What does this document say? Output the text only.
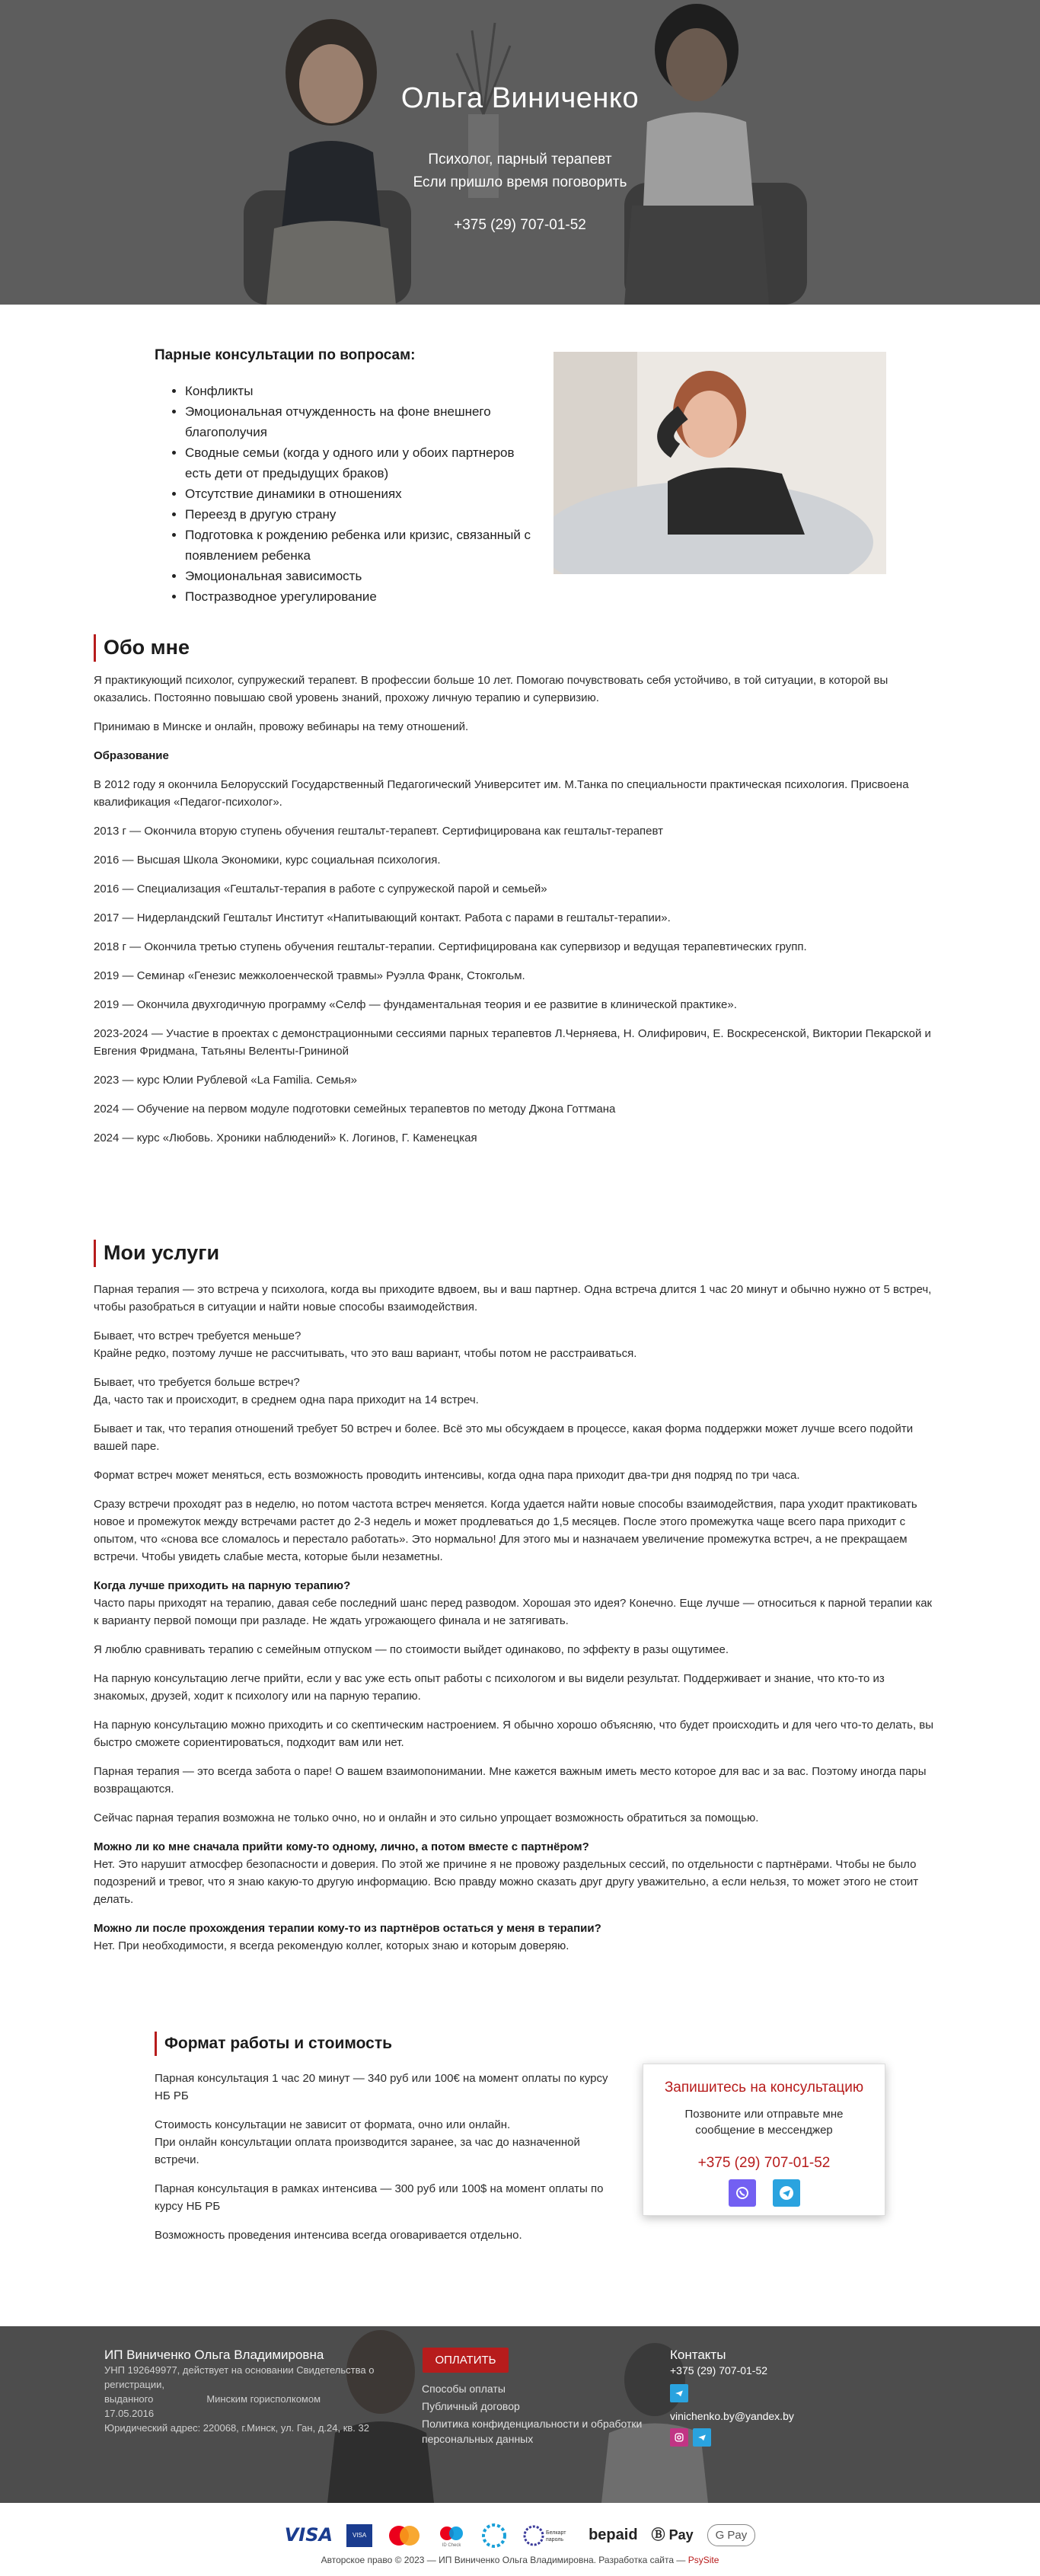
Ольга Виниченко
Психолог, парный терапевт
Если пришло время поговорить
+375 (29) 707-01-52
Парные консультации по вопросам:
• Конфликты
• Эмоциональная отчужденность на фоне внешнего благополучия
• Сводные семьи (когда у одного или у обоих партнеров есть дети от предыдущих браков)
• Отсутствие динамики в отношениях
• Переезд в другую страну
• Подготовка к рождению ребенка или кризис, связанный с появлением ребенка
• Эмоциональная зависимость
• Постразводное урегулирование
Обо мне

Я практикующий психолог, супружеский терапевт. В профессии больше 10 лет. Помогаю почувствовать себя устойчиво, в той ситуации, в которой вы оказались. Постоянно повышаю свой уровень знаний, прохожу личную терапию и супервизию.

Принимаю в Минске и онлайн, провожу вебинары на тему отношений.

Образование

В 2012 году я окончила Белорусский Государственный Педагогический Университет им. М.Танка по специальности практическая психология. Присвоена квалификация «Педагог-психолог».

2013 г — Окончила вторую ступень обучения гештальт-терапевт. Сертифицирована как гештальт-терапевт

2016 — Высшая Школа Экономики, курс социальная психология.

2016 — Специализация «Гештальт-терапия в работе с супружеской парой и семьей»

2017 — Нидерландский Гештальт Институт «Напитывающий контакт. Работа с парами в гештальт-терапии».

2018 г — Окончила третью ступень обучения гештальт-терапии. Сертифицирована как супервизор и ведущая терапевтических групп.

2019 — Семинар «Генезис межколоенческой травмы» Руэлла Франк, Стокгольм.

2019 — Окончила двухгодичную программу «Селф — фундаментальная теория и ее развитие в клинической практике».

2023-2024 — Участие в проектах с демонстрационными сессиями парных терапевтов Л.Черняева, Н. Олифирович, Е. Воскресенской, Виктории Пекарской и Евгения Фридмана, Татьяны Веленты-Грининой

2023 — курс Юлии Рублевой «La Familia. Семья»

2024 — Обучение на первом модуле подготовки семейных терапевтов по методу Джона Готтмана

2024 — курс «Любовь. Хроники наблюдений» К. Логинов, Г. Каменецкая

Мои услуги

Парная терапия — это встреча у психолога, когда вы приходите вдвоем, вы и ваш партнер. Одна встреча длится 1 час 20 минут и обычно нужно от 5 встреч, чтобы разобраться в ситуации и найти новые способы взаимодействия.

Бывает, что встреч требуется меньше?
Крайне редко, поэтому лучше не рассчитывать, что это ваш вариант, чтобы потом не расстраиваться.

Бывает, что требуется больше встреч?
Да, часто так и происходит, в среднем одна пара приходит на 14 встреч.

Бывает и так, что терапия отношений требует 50 встреч и более. Всё это мы обсуждаем в процессе, какая форма поддержки может лучше всего подойти вашей паре.

Формат встреч может меняться, есть возможность проводить интенсивы, когда одна пара приходит два-три дня подряд по три часа.

Сразу встречи проходят раз в неделю, но потом частота встреч меняется. Когда удается найти новые способы взаимодействия, пара уходит практиковать новое и промежуток между встречами растет до 2-3 недель и может продлеваться до 1,5 месяцев. После этого промежутка чаще всего пара приходит с опытом, что «снова все сломалось и перестало работать». Это нормально! Для этого мы и назначаем увеличение промежутка встреч, а не прекращаем встречи. Чтобы увидеть слабые места, которые были незаметны.

Когда лучше приходить на парную терапию?
Часто пары приходят на терапию, давая себе последний шанс перед разводом. Хорошая это идея? Конечно. Еще лучше — относиться к парной терапии как к варианту первой помощи при разладе. Не ждать угрожающего финала и не затягивать.

Я люблю сравнивать терапию с семейным отпуском — по стоимости выйдет одинаково, по эффекту в разы ощутимее.

На парную консультацию легче прийти, если у вас уже есть опыт работы с психологом и вы видели результат. Поддерживает и знание, что кто-то из знакомых, друзей, ходит к психологу или на парную терапию.

На парную консультацию можно приходить и со скептическим настроением. Я обычно хорошо объясняю, что будет происходить и для чего что-то делать, вы быстро сможете сориентироваться, подходит вам или нет.

Парная терапия — это всегда забота о паре! О вашем взаимопонимании. Мне кажется важным иметь место которое для вас и за вас. Поэтому иногда пары возвращаются.

Сейчас парная терапия возможна не только очно, но и онлайн и это сильно упрощает возможность обратиться за помощью.

Можно ли ко мне сначала прийти кому-то одному, лично, а потом вместе с партнёром?
Нет. Это нарушит атмосфер безопасности и доверия. По этой же причине я не провожу раздельных сессий, по отдельности с партнёрами. Чтобы не было подозрений и тревог, что я знаю какую-то другую информацию. Всю правду можно сказать друг другу уважительно, а если нельзя, то может этого не стоит делать.

Можно ли после прохождения терапии кому-то из партнёров остаться у меня в терапии?
Нет. При необходимости, я всегда рекомендую коллег, которых знаю и которым доверяю.

Формат работы и стоимость

Парная консультация 1 час 20 минут — 340 руб или 100€ на момент оплаты по курсу НБ РБ

Стоимость консультации не зависит от формата, очно или онлайн.
При онлайн консультации оплата производится заранее, за час до назначенной встречи.

Парная консультация в рамках интенсива — 300 руб или 100$ на момент оплаты по курсу НБ РБ

Возможность проведения интенсива всегда оговаривается отдельно.

Запишитесь на консультацию
Позвоните или отправьте мне сообщение в мессенджер
+375 (29) 707-01-52
ИП Виниченко Ольга Владимировна
УНП 192649977, действует на основании Свидетельства о регистрации,
выданного	Минским горисполкомом
17.05.2016
Юридический адрес: 220068, г.Минск, ул. Ган, д.24, кв. 32
ОПЛАТИТЬ
Способы оплаты
Публичный договор
Политика конфиденциальности и обработки персональных данных
Контакты
+375 (29) 707-01-52
vinichenko.by@yandex.by
VISA	VISA
ID Check
Белкарт
пароль bepaid Ⓑ Pay	G Pay
Авторское право © 2023 — ИП Виниченко Ольга Владимировна. Разработка сайта — PsySite
